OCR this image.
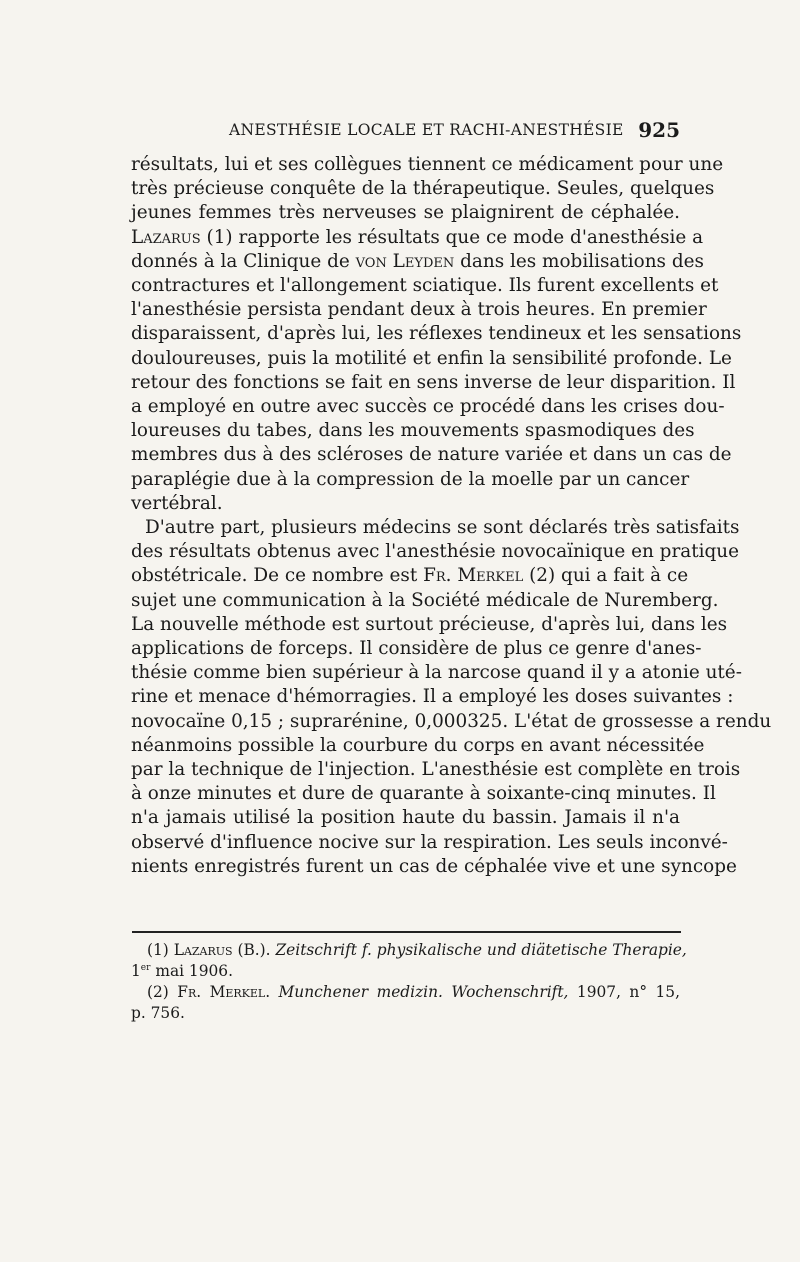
ANESTHÉSIE LOCALE ET RACHI-ANESTHÉSIE 925
résultats, lui et ses collègues tiennent ce médicament pour une
très précieuse conquête de la thérapeutique. Seules, quelques
jeunes femmes très nerveuses se plaignirent de céphalée.
Lazarus (1) rapporte les résultats que ce mode d'anesthésie a
donnés à la Clinique de von Leyden dans les mobilisations des
contractures et l'allongement sciatique. Ils furent excellents et
l'anesthésie persista pendant deux à trois heures. En premier
disparaissent, d'après lui, les réflexes tendineux et les sensations
douloureuses, puis la motilité et enfin la sensibilité profonde. Le
retour des fonctions se fait en sens inverse de leur disparition. Il
a employé en outre avec succès ce procédé dans les crises dou-
loureuses du tabes, dans les mouvements spasmodiques des
membres dus à des scléroses de nature variée et dans un cas de
paraplégie due à la compression de la moelle par un cancer
vertébral.
D'autre part, plusieurs médecins se sont déclarés très satisfaits
des résultats obtenus avec l'anesthésie novocaïnique en pratique
obstétricale. De ce nombre est Fr. Merkel (2) qui a fait à ce
sujet une communication à la Société médicale de Nuremberg.
La nouvelle méthode est surtout précieuse, d'après lui, dans les
applications de forceps. Il considère de plus ce genre d'anes-
thésie comme bien supérieur à la narcose quand il y a atonie uté-
rine et menace d'hémorragies. Il a employé les doses suivantes :
novocaïne 0,15 ; suprarénine, 0,000325. L'état de grossesse a rendu
néanmoins possible la courbure du corps en avant nécessitée
par la technique de l'injection. L'anesthésie est complète en trois
à onze minutes et dure de quarante à soixante-cinq minutes. Il
n'a jamais utilisé la position haute du bassin. Jamais il n'a
observé d'influence nocive sur la respiration. Les seuls inconvé-
nients enregistrés furent un cas de céphalée vive et une syncope
(1) Lazarus (B.). Zeitschrift f. physikalische und diätetische Therapie,
1er mai 1906.
(2) Fr. Merkel. Munchener medizin. Wochenschrift, 1907, n° 15,
p. 756.
